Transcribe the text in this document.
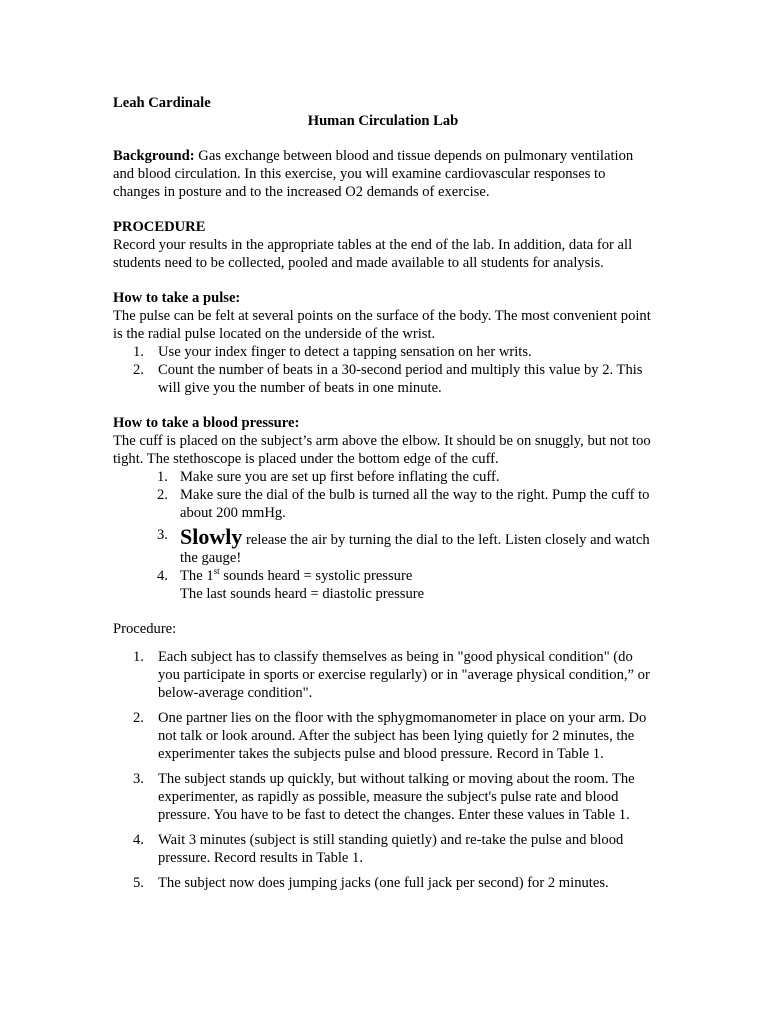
Leah Cardinale

Human Circulation Lab

Background: Gas exchange between blood and tissue depends on pulmonary ventilation and blood circulation. In this exercise, you will examine cardiovascular responses to changes in posture and to the increased O2 demands of exercise.

PROCEDURE

Record your results in the appropriate tables at the end of the lab. In addition, data for all students need to be collected, pooled and made available to all students for analysis.

How to take a pulse:

The pulse can be felt at several points on the surface of the body. The most convenient point is the radial pulse located on the underside of the wrist.

1. Use your index finger to detect a tapping sensation on her writs.
2. Count the number of beats in a 30-second period and multiply this value by 2. This will give you the number of beats in one minute.

How to take a blood pressure:

The cuff is placed on the subject’s arm above the elbow. It should be on snuggly, but not too tight. The stethoscope is placed under the bottom edge of the cuff.

1. Make sure you are set up first before inflating the cuff.
2. Make sure the dial of the bulb is turned all the way to the right. Pump the cuff to about 200 mmHg.
3. Slowly release the air by turning the dial to the left. Listen closely and watch the gauge!
4. The 1st sounds heard = systolic pressure
The last sounds heard = diastolic pressure

Procedure:

1. Each subject has to classify themselves as being in "good physical condition" (do you participate in sports or exercise regularly) or in "average physical condition,” or below-average condition".
2. One partner lies on the floor with the sphygmomanometer in place on your arm. Do not talk or look around. After the subject has been lying quietly for 2 minutes, the experimenter takes the subjects pulse and blood pressure. Record in Table 1.
3. The subject stands up quickly, but without talking or moving about the room. The experimenter, as rapidly as possible, measure the subject's pulse rate and blood pressure. You have to be fast to detect the changes. Enter these values in Table 1.
4. Wait 3 minutes (subject is still standing quietly) and re-take the pulse and blood pressure. Record results in Table 1.
5. The subject now does jumping jacks (one full jack per second) for 2 minutes.
